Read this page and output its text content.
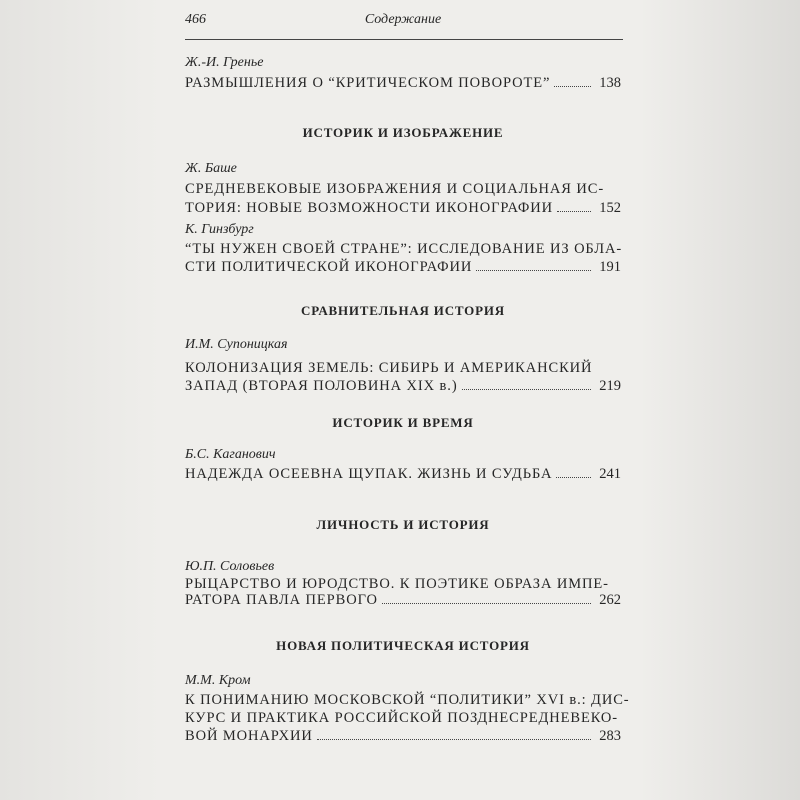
466	Содержание
Ж.-И. Гренье
РАЗМЫШЛЕНИЯ О “КРИТИЧЕСКОМ ПОВОРОТЕ”	138
ИСТОРИК И ИЗОБРАЖЕНИЕ
Ж. Баше
СРЕДНЕВЕКОВЫЕ ИЗОБРАЖЕНИЯ И СОЦИАЛЬНАЯ ИС-
ТОРИЯ: НОВЫЕ ВОЗМОЖНОСТИ ИКОНОГРАФИИ	152
К. Гинзбург
“ТЫ НУЖЕН СВОЕЙ СТРАНЕ”: ИССЛЕДОВАНИЕ ИЗ ОБЛА-
СТИ ПОЛИТИЧЕСКОЙ ИКОНОГРАФИИ	191
СРАВНИТЕЛЬНАЯ ИСТОРИЯ
И.М. Супоницкая
КОЛОНИЗАЦИЯ ЗЕМЕЛЬ: СИБИРЬ И АМЕРИКАНСКИЙ
ЗАПАД (ВТОРАЯ ПОЛОВИНА XIX в.)	219
ИСТОРИК И ВРЕМЯ
Б.С. Каганович
НАДЕЖДА ОСЕЕВНА ЩУПАК. ЖИЗНЬ И СУДЬБА	241
ЛИЧНОСТЬ И ИСТОРИЯ
Ю.П. Соловьев
РЫЦАРСТВО И ЮРОДСТВО. К ПОЭТИКЕ ОБРАЗА ИМПЕ-
РАТОРА ПАВЛА ПЕРВОГО	262
НОВАЯ ПОЛИТИЧЕСКАЯ ИСТОРИЯ
М.М. Кром
К ПОНИМАНИЮ МОСКОВСКОЙ “ПОЛИТИКИ” XVI в.: ДИС-
КУРС И ПРАКТИКА РОССИЙСКОЙ ПОЗДНЕСРЕДНЕВЕКО-
ВОЙ МОНАРХИИ	283
